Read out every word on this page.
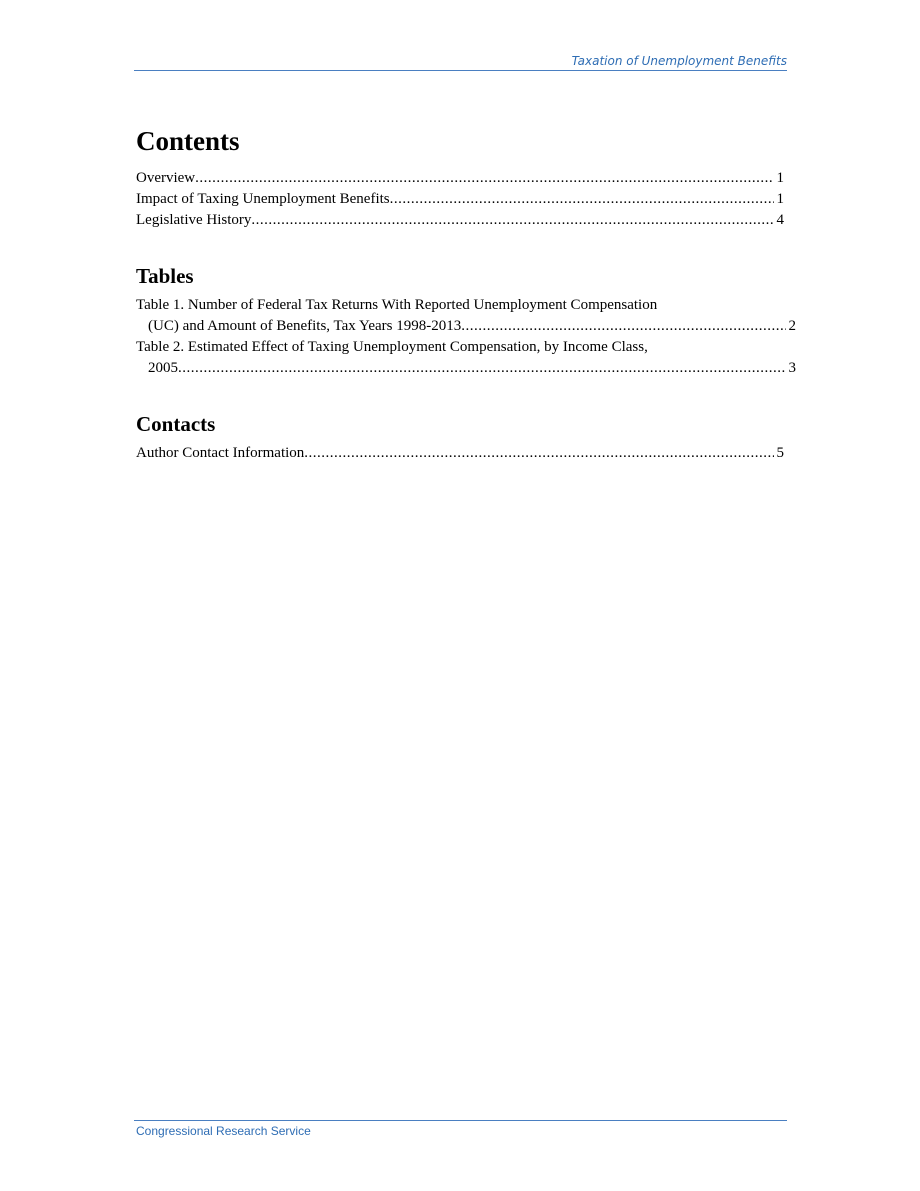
Taxation of Unemployment Benefits
Contents
Overview .....	1
Impact of Taxing Unemployment Benefits .....	1
Legislative History .....	4
Tables
Table 1. Number of Federal Tax Returns With Reported Unemployment Compensation
(UC) and Amount of Benefits, Tax Years 1998-2013 .....	2
Table 2. Estimated Effect of Taxing Unemployment Compensation, by Income Class,
2005 .....	3
Contacts
Author Contact Information .....	5
Congressional Research Service
